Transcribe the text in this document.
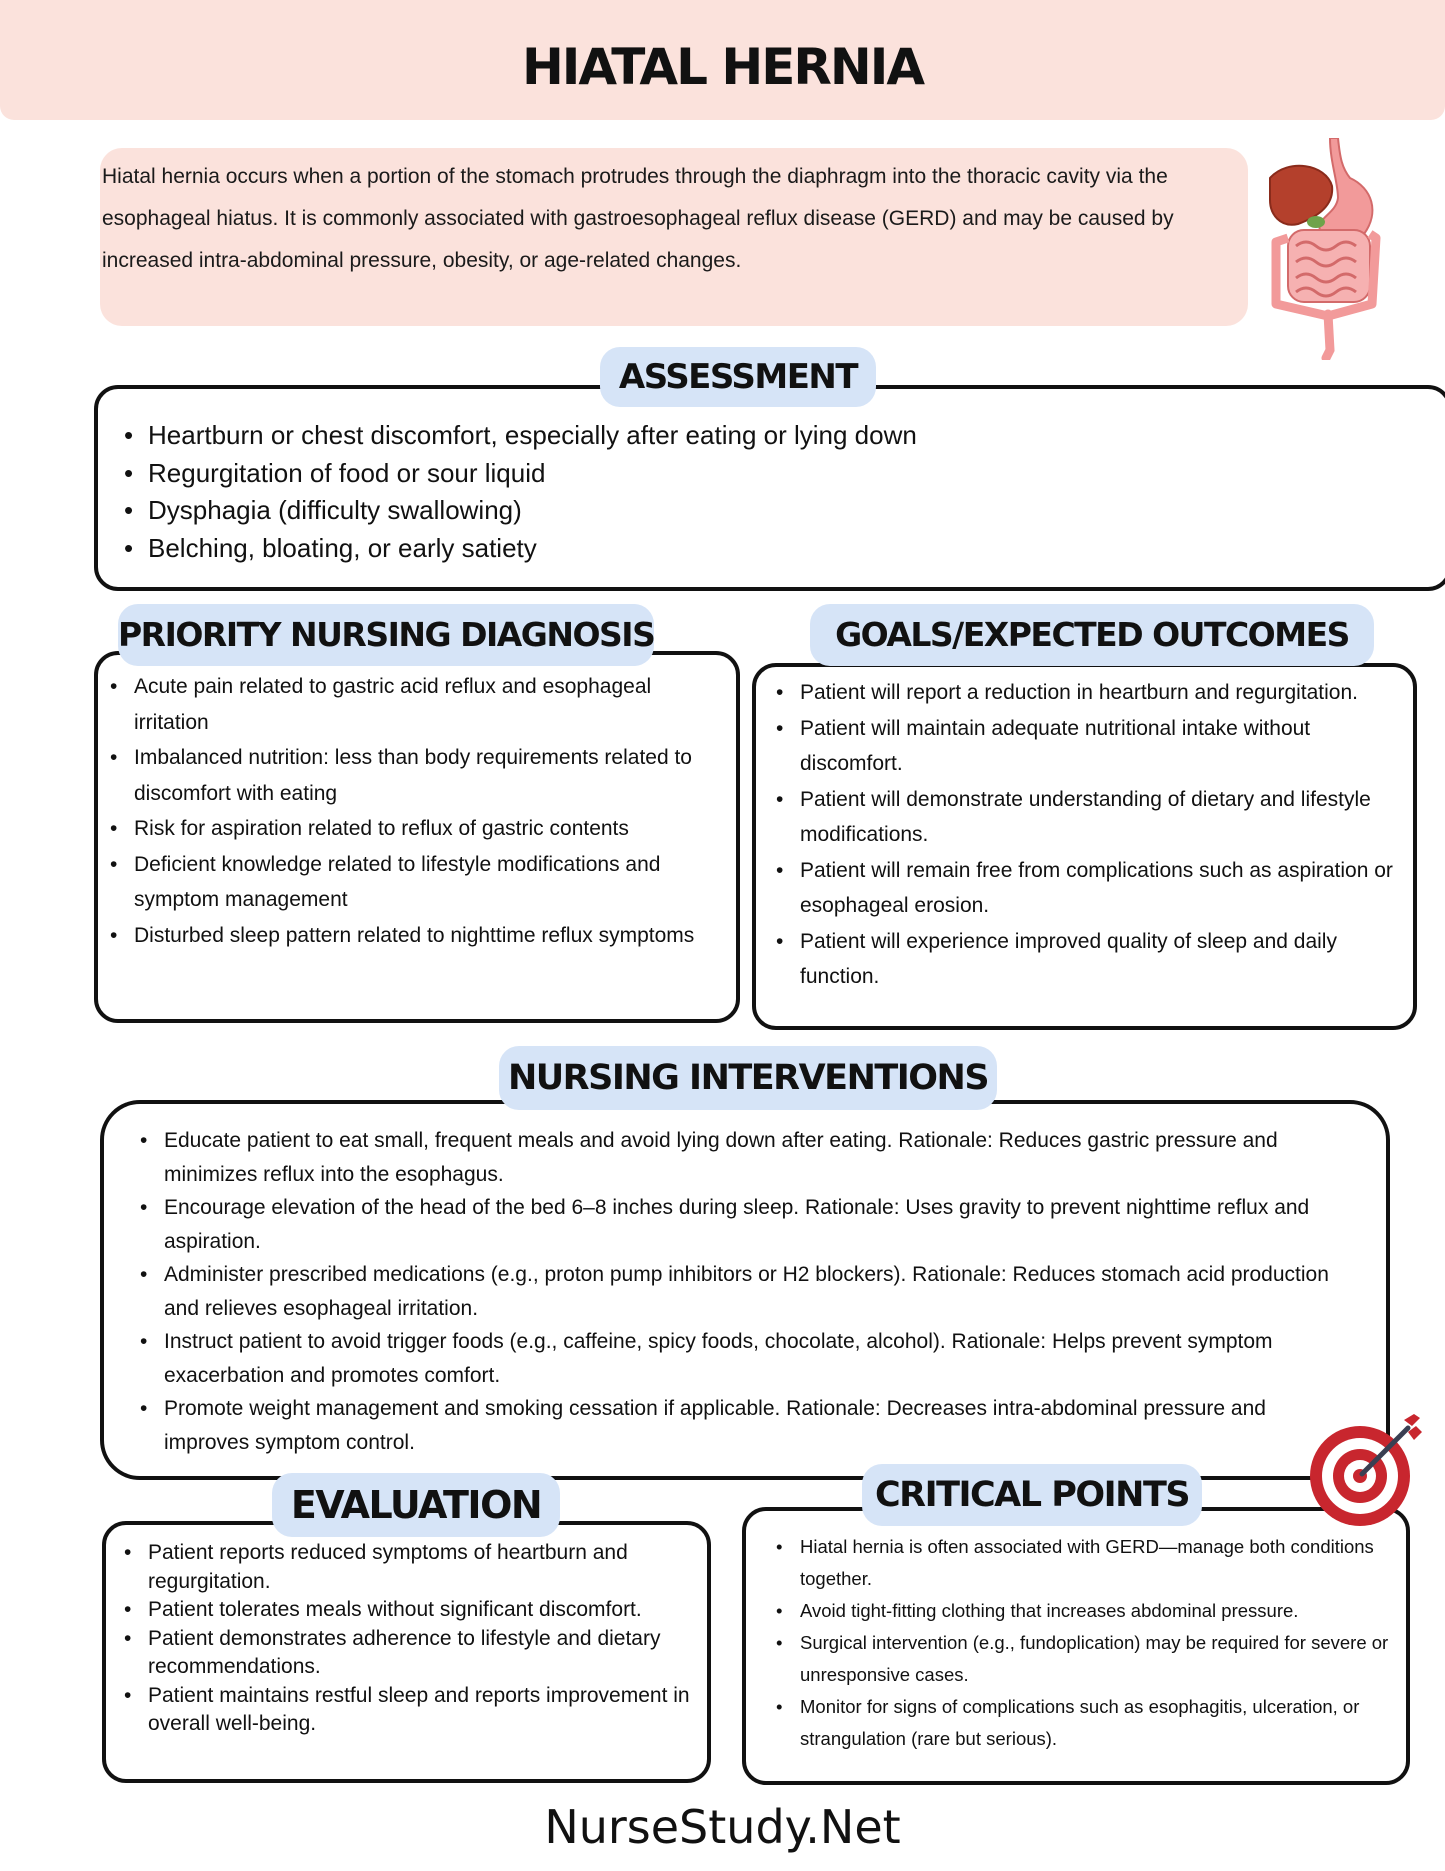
HIATAL HERNIA

Hiatal hernia occurs when a portion of the stomach protrudes through the diaphragm into the thoracic cavity via the esophageal hiatus. It is commonly associated with gastroesophageal reflux disease (GERD) and may be caused by increased intra-abdominal pressure, obesity, or age-related changes.

• Heartburn or chest discomfort, especially after eating or lying down
• Regurgitation of food or sour liquid
• Dysphagia (difficulty swallowing)
• Belching, bloating, or early satiety
ASSESSMENT
• Acute pain related to gastric acid reflux and esophageal irritation
• Imbalanced nutrition: less than body requirements related to discomfort with eating
• Risk for aspiration related to reflux of gastric contents
• Deficient knowledge related to lifestyle modifications and symptom management
• Disturbed sleep pattern related to nighttime reflux symptoms
PRIORITY NURSING DIAGNOSIS
• Patient will report a reduction in heartburn and regurgitation.
• Patient will maintain adequate nutritional intake without discomfort.
• Patient will demonstrate understanding of dietary and lifestyle modifications.
• Patient will remain free from complications such as aspiration or esophageal erosion.
• Patient will experience improved quality of sleep and daily function.
GOALS/EXPECTED OUTCOMES
• Educate patient to eat small, frequent meals and avoid lying down after eating. Rationale: Reduces gastric pressure and minimizes reflux into the esophagus.
• Encourage elevation of the head of the bed 6–8 inches during sleep. Rationale: Uses gravity to prevent nighttime reflux and aspiration.
• Administer prescribed medications (e.g., proton pump inhibitors or H2 blockers). Rationale: Reduces stomach acid production and relieves esophageal irritation.
• Instruct patient to avoid trigger foods (e.g., caffeine, spicy foods, chocolate, alcohol). Rationale: Helps prevent symptom exacerbation and promotes comfort.
• Promote weight management and smoking cessation if applicable. Rationale: Decreases intra-abdominal pressure and improves symptom control.
NURSING INTERVENTIONS
• Patient reports reduced symptoms of heartburn and regurgitation.
• Patient tolerates meals without significant discomfort.
• Patient demonstrates adherence to lifestyle and dietary recommendations.
• Patient maintains restful sleep and reports improvement in overall well-being.
EVALUATION
• Hiatal hernia is often associated with GERD—manage both conditions together.
• Avoid tight-fitting clothing that increases abdominal pressure.
• Surgical intervention (e.g., fundoplication) may be required for severe or unresponsive cases.
• Monitor for signs of complications such as esophagitis, ulceration, or strangulation (rare but serious).
CRITICAL POINTS
NurseStudy.Net
